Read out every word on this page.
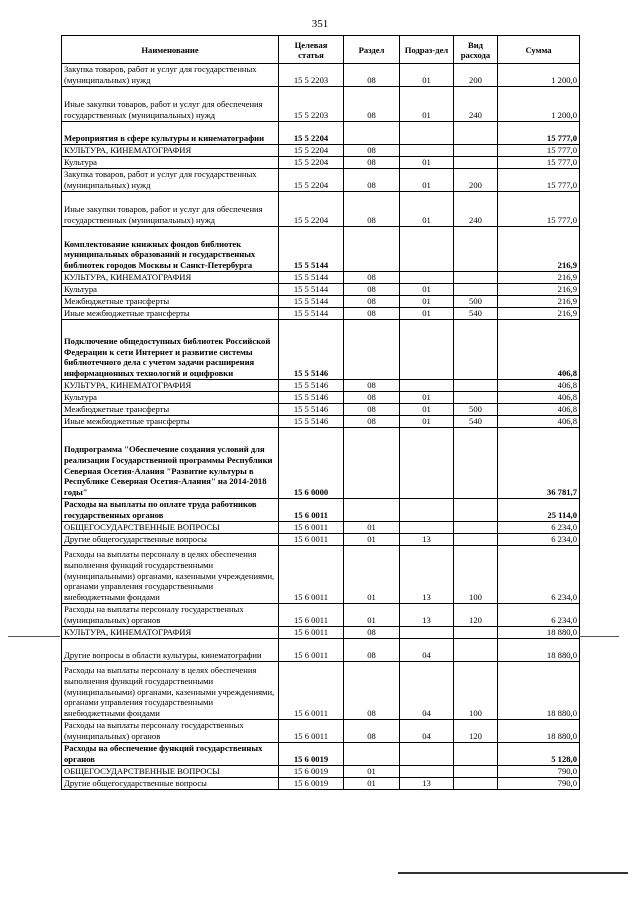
351
Наименование	Целевая статья	Раздел	Подраз-дел	Вид расхода	Сумма
Закупка товаров, работ и услуг для государственных (муниципальных) нужд	15 5 2203	08	01	200	1 200,0
Иные закупки товаров, работ и услуг для обеспечения государственных (муниципальных) нужд	15 5 2203	08	01	240	1 200,0
Мероприятия в сфере культуры и кинематографии	15 5 2204				15 777,0
КУЛЬТУРА, КИНЕМАТОГРАФИЯ	15 5 2204	08			15 777,0
Культура	15 5 2204	08	01		15 777,0
Закупка товаров, работ и услуг для государственных (муниципальных) нужд	15 5 2204	08	01	200	15 777,0
Иные закупки товаров, работ и услуг для обеспечения государственных (муниципальных) нужд	15 5 2204	08	01	240	15 777,0
Комплектование книжных фондов библиотек муниципальных образований и государственных библиотек городов Москвы и Санкт-Петербурга	15 5 5144				216,9
КУЛЬТУРА, КИНЕМАТОГРАФИЯ	15 5 5144	08			216,9
Культура	15 5 5144	08	01		216,9
Межбюджетные трансферты	15 5 5144	08	01	500	216,9
Иные межбюджетные трансферты	15 5 5144	08	01	540	216,9
Подключение общедоступных библиотек Российской Федерации к сети Интернет и развитие системы библиотечного дела с учетом задачи расширения информационных технологий и оцифровки	15 5 5146				406,8
КУЛЬТУРА, КИНЕМАТОГРАФИЯ	15 5 5146	08			406,8
Культура	15 5 5146	08	01		406,8
Межбюджетные трансферты	15 5 5146	08	01	500	406,8
Иные межбюджетные трансферты	15 5 5146	08	01	540	406,8
Подпрограмма "Обеспечение создания условий для реализации Государственной программы Республики Северная Осетия-Алания "Развитие культуры в Республике Северная Осетия-Алания" на 2014-2018 годы"	15 6 0000				36 781,7
Расходы на выплаты по оплате труда работников государственных органов	15 6 0011				25 114,0
ОБЩЕГОСУДАРСТВЕННЫЕ ВОПРОСЫ	15 6 0011	01			6 234,0
Другие общегосударственные вопросы	15 6 0011	01	13		6 234,0
Расходы на выплаты персоналу в целях обеспечения выполнения функций государственными (муниципальными) органами, казенными учреждениями, органами управления государственными внебюджетными фондами	15 6 0011	01	13	100	6 234,0
Расходы на выплаты персоналу государственных (муниципальных) органов	15 6 0011	01	13	120	6 234,0
КУЛЬТУРА, КИНЕМАТОГРАФИЯ	15 6 0011	08			18 880,0
Другие вопросы в области культуры, кинематографии	15 6 0011	08	04		18 880,0
Расходы на выплаты персоналу в целях обеспечения выполнения функций государственными (муниципальными) органами, казенными учреждениями, органами управления государственными внебюджетными фондами	15 6 0011	08	04	100	18 880,0
Расходы на выплаты персоналу государственных (муниципальных) органов	15 6 0011	08	04	120	18 880,0
Расходы на обеспечение функций государственных органов	15 6 0019				5 128,0
ОБЩЕГОСУДАРСТВЕННЫЕ ВОПРОСЫ	15 6 0019	01			790,0
Другие общегосударственные вопросы	15 6 0019	01	13		790,0
